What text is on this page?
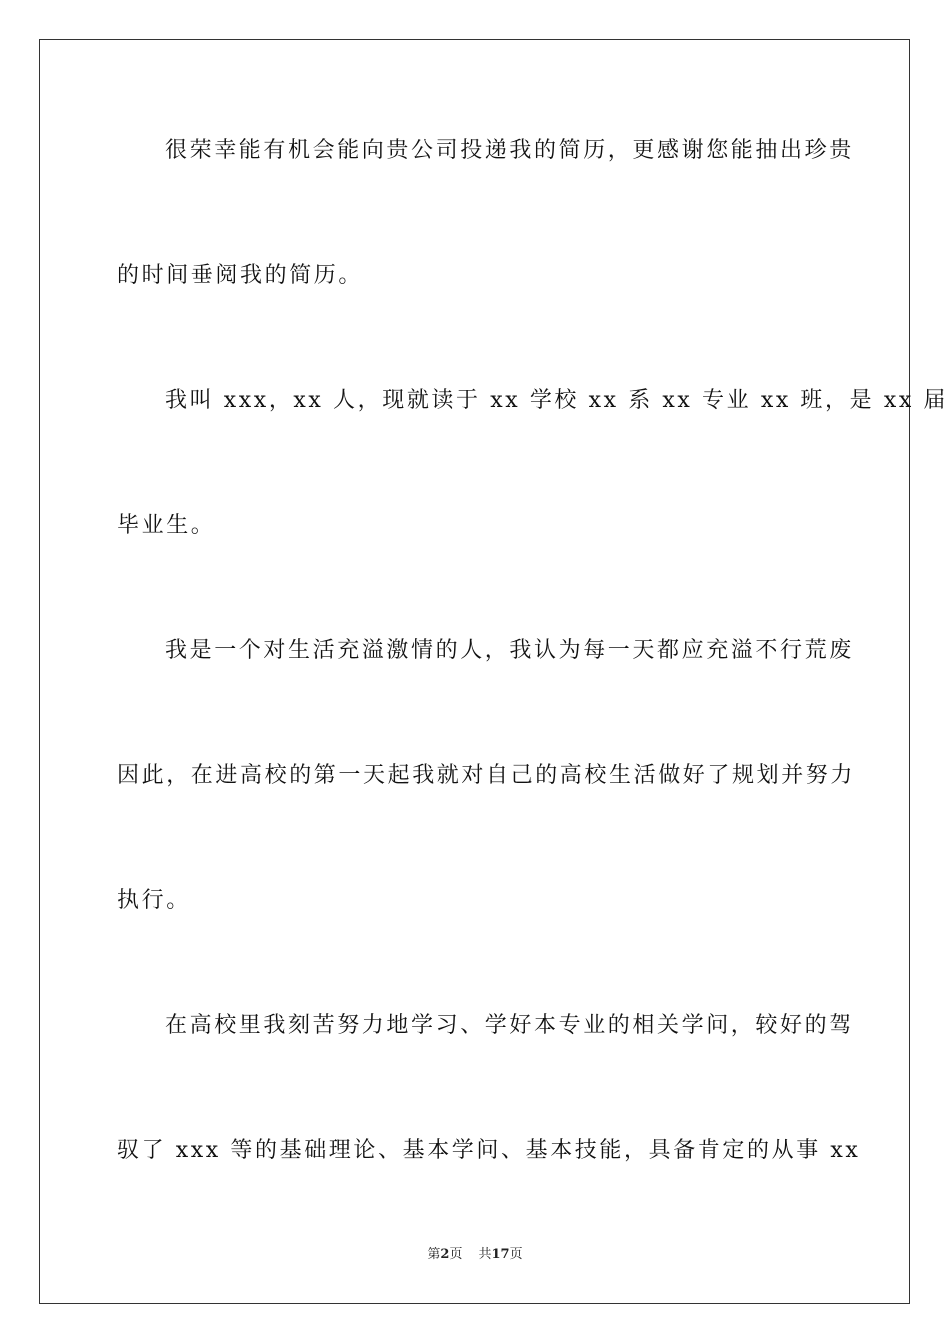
很荣幸能有机会能向贵公司投递我的简历，更感谢您能抽出珍贵
的时间垂阅我的简历。
我叫 xxx，xx 人，现就读于 xx 学校 xx 系 xx 专业 xx 班，是 xx 届
毕业生。
我是一个对生活充溢激情的人，我认为每一天都应充溢不行荒废
因此，在进高校的第一天起我就对自己的高校生活做好了规划并努力
执行。
在高校里我刻苦努力地学习、学好本专业的相关学问，较好的驾
驭了 xxx 等的基础理论、基本学问、基本技能，具备肯定的从事 xx
第2页 共17页
